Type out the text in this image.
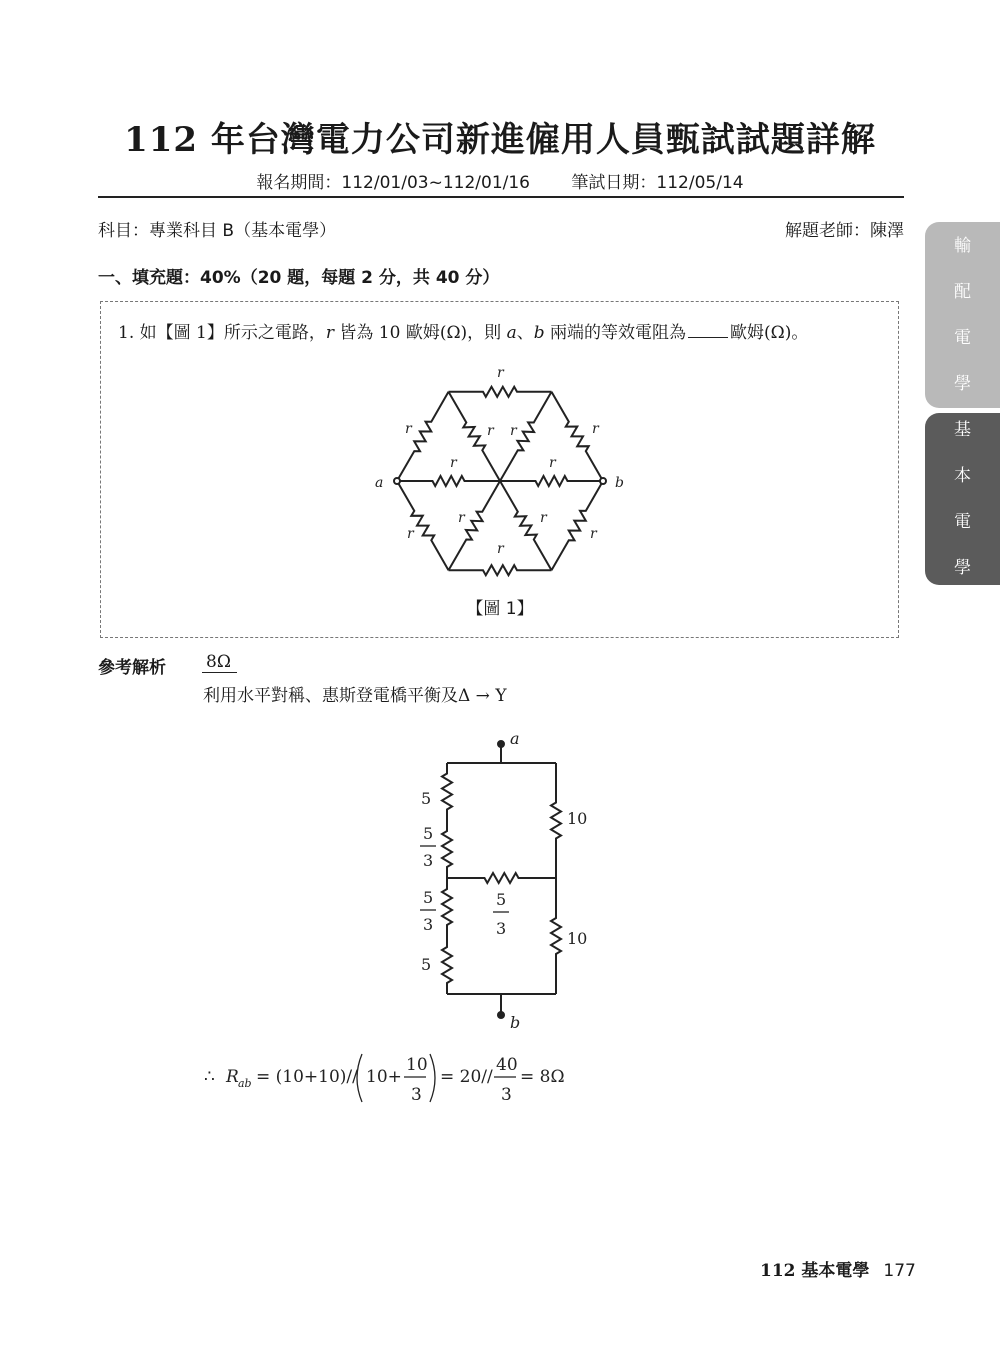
112 年台灣電力公司新進僱用人員甄試試題詳解
報名期間：112/01/03~112/01/16 筆試日期：112/05/14
科目：專業科目 B（基本電學）	解題老師：陳澤
一、填充題：40%（20 題，每題 2 分，共 40 分）
1. 如【圖 1】所示之電路，r 皆為 10 歐姆(Ω)，則 a、b 兩端的等效電阻為	歐姆(Ω)。
r
r	r
r	r
r
r	r
r r
r	r
a	b
【圖 1】
參考解析 8Ω
利用水平對稱、惠斯登電橋平衡及Δ → Y
a
b
5
5
3
5
3
5
10
10
5
3
∴ R ab = (10+10)// 10+
10
3
= 20//
40
3
= 8Ω
112 基本電學 177
輸
配
電
學
基
本
電
學
